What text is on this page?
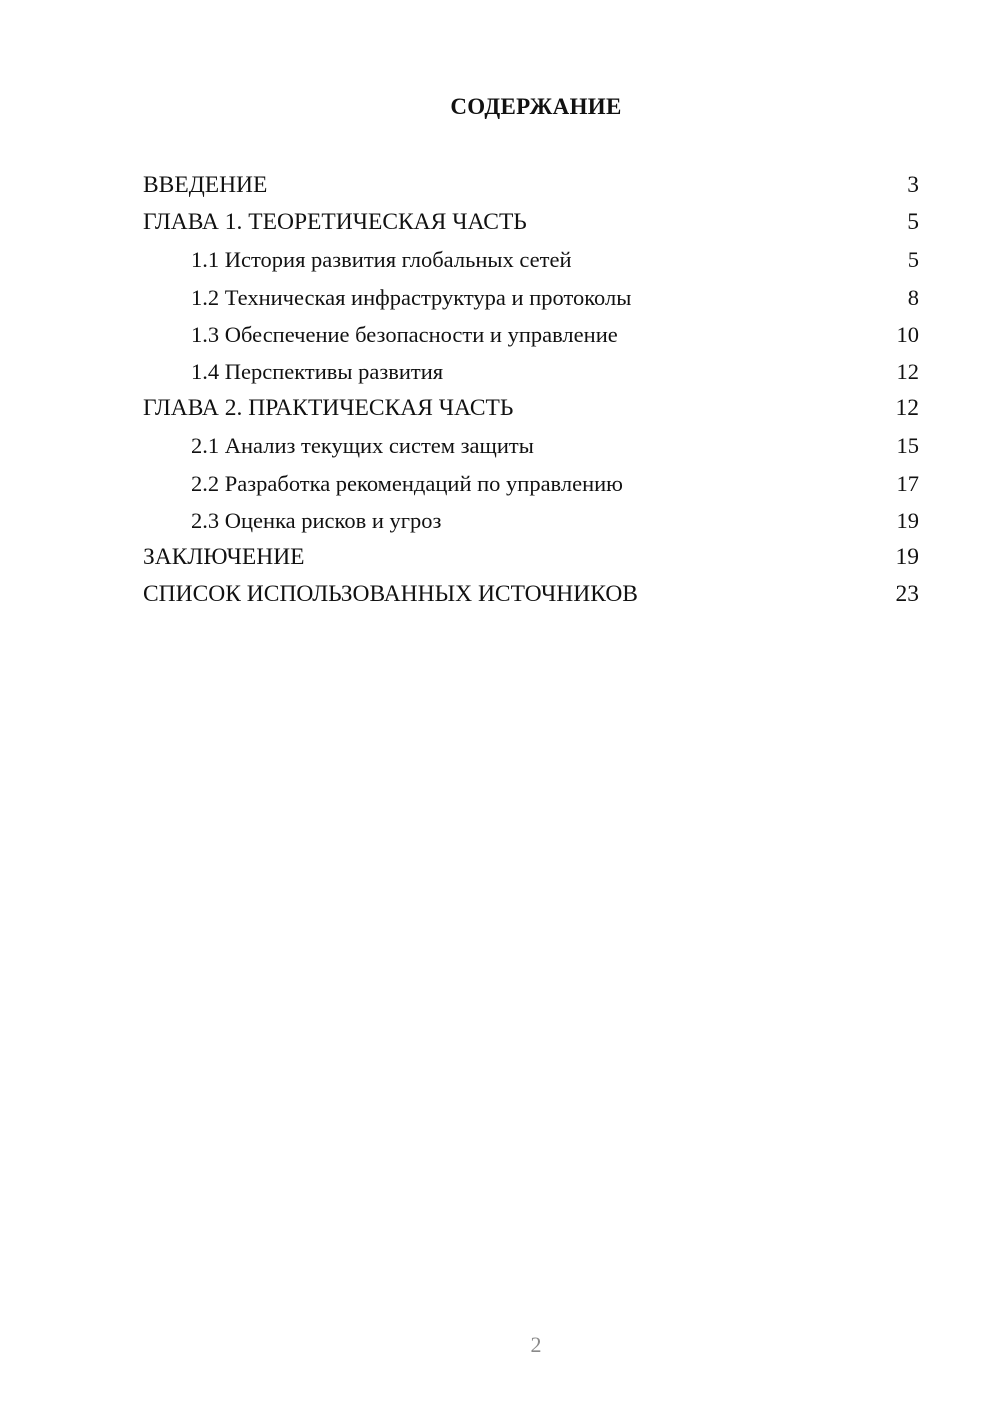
СОДЕРЖАНИЕ
ВВЕДЕНИЕ	3
ГЛАВА 1. ТЕОРЕТИЧЕСКАЯ ЧАСТЬ	5
1.1 История развития глобальных сетей	5
1.2 Техническая инфраструктура и протоколы	8
1.3 Обеспечение безопасности и управление	10
1.4 Перспективы развития	12
ГЛАВА 2. ПРАКТИЧЕСКАЯ ЧАСТЬ	12
2.1 Анализ текущих систем защиты	15
2.2 Разработка рекомендаций по управлению	17
2.3 Оценка рисков и угроз	19
ЗАКЛЮЧЕНИЕ	19
СПИСОК ИСПОЛЬЗОВАННЫХ ИСТОЧНИКОВ	23
2
